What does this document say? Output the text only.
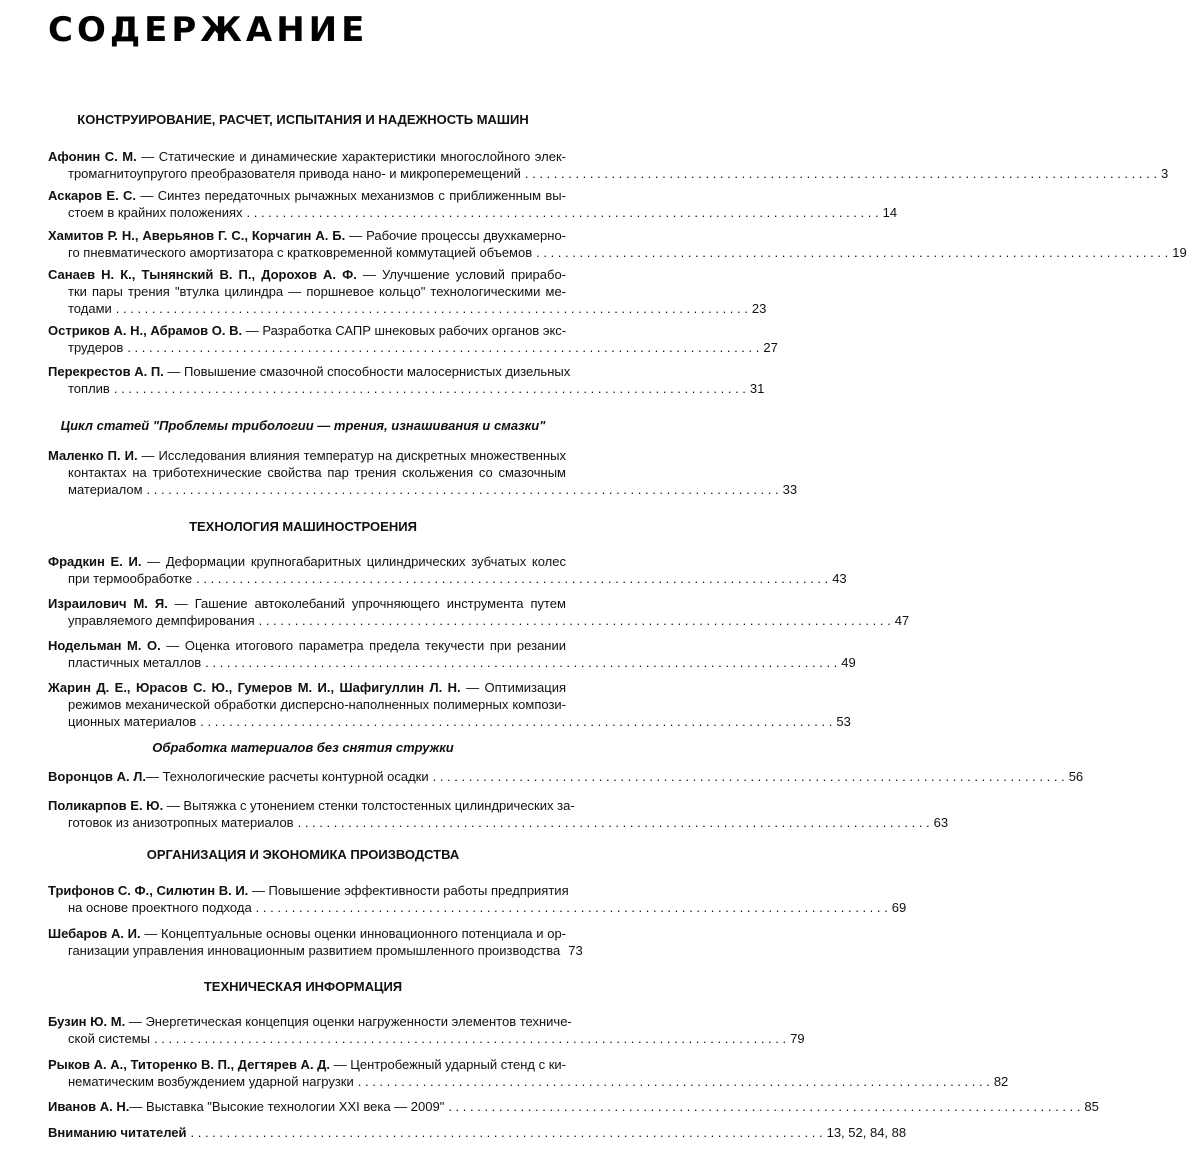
СОДЕРЖАНИЕ
КОНСТРУИРОВАНИЕ, РАСЧЕТ, ИСПЫТАНИЯ И НАДЕЖНОСТЬ МАШИН
Афонин С. М. — Статические и динамические характеристики многослойного элек-
тромагнитоупругого преобразователя привода нано- и микроперемещений . . .	3
Аскаров Е. С. — Синтез передаточных рычажных механизмов с приближенным вы-
стоем в крайних положениях . . .	14
Хамитов Р. Н., Аверьянов Г. С., Корчагин А. Б. — Рабочие процессы двухкамерно-
го пневматического амортизатора с кратковременной коммутацией объемов . . .	19
Санаев Н. К., Тынянский В. П., Дорохов А. Ф. — Улучшение условий прирабо-
тки пары трения "втулка цилиндра — поршневое кольцо" технологическими ме-
тодами . . .	23
Остриков А. Н., Абрамов О. В. — Разработка САПР шнековых рабочих органов экс-
трудеров . . .	27
Перекрестов А. П. — Повышение смазочной способности малосернистых дизельных
топлив . . .	31
Цикл статей "Проблемы трибологии — трения, изнашивания и смазки"
Маленко П. И. — Исследования влияния температур на дискретных множественных
контактах на триботехнические свойства пар трения скольжения со смазочным
материалом . . .	33
ТЕХНОЛОГИЯ МАШИНОСТРОЕНИЯ
Фрадкин Е. И. — Деформации крупногабаритных цилиндрических зубчатых колес
при термообработке . . .	43
Израилович М. Я. — Гашение автоколебаний упрочняющего инструмента путем
управляемого демпфирования . . .	47
Нодельман М. О. — Оценка итогового параметра предела текучести при резании
пластичных металлов . . .	49
Жарин Д. Е., Юрасов С. Ю., Гумеров М. И., Шафигуллин Л. Н. — Оптимизация
режимов механической обработки дисперсно-наполненных полимерных компози-
ционных материалов . . .	53
Обработка материалов без снятия стружки
Воронцов А. Л. — Технологические расчеты контурной осадки . . .	56
Поликарпов Е. Ю. — Вытяжка с утонением стенки толстостенных цилиндрических за-
готовок из анизотропных материалов . . .	63
ОРГАНИЗАЦИЯ И ЭКОНОМИКА ПРОИЗВОДСТВА
Трифонов С. Ф., Силютин В. И. — Повышение эффективности работы предприятия
на основе проектного подхода . . .	69
Шебаров А. И. — Концептуальные основы оценки инновационного потенциала и ор-
ганизации управления инновационным развитием промышленного производства 73
ТЕХНИЧЕСКАЯ ИНФОРМАЦИЯ
Бузин Ю. М. — Энергетическая концепция оценки нагруженности элементов техниче-
ской системы . . .	79
Рыков А. А., Титоренко В. П., Дегтярев А. Д. — Центробежный ударный стенд с ки-
нематическим возбуждением ударной нагрузки . . .	82
Иванов А. Н. — Выставка "Высокие технологии XXI века — 2009" . . .	85
Вниманию читателей . . .	13, 52, 84, 88
